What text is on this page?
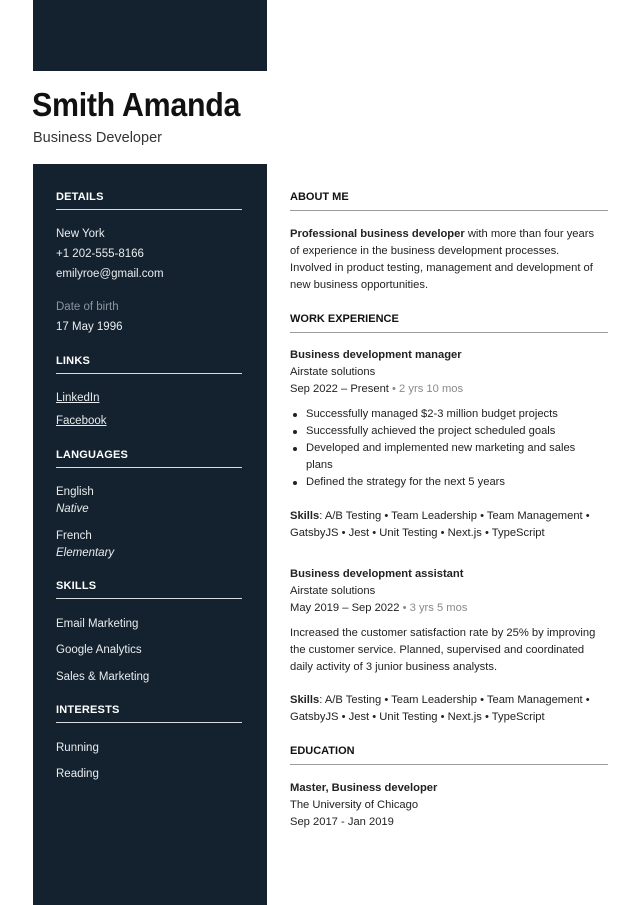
Smith Amanda
Business Developer
DETAILS
New York
+1 202-555-8166
emilyroe@gmail.com
Date of birth
17 May 1996
LINKS
LinkedIn
Facebook
LANGUAGES
English
Native
French
Elementary
SKILLS
Email Marketing
Google Analytics
Sales & Marketing
INTERESTS
Running
Reading
ABOUT ME
Professional business developer with more than four years
of experience in the business development processes.
Involved in product testing, management and development of
new business opportunities.
WORK EXPERIENCE
Business development manager
Airstate solutions
Sep 2022 – Present • 2 yrs 10 mos
Successfully managed $2-3 million budget projects
Successfully achieved the project scheduled goals
Developed and implemented new marketing and sales
plans
Defined the strategy for the next 5 years
Skills: A/B Testing • Team Leadership • Team Management •
GatsbyJS • Jest • Unit Testing • Next.js • TypeScript
Business development assistant
Airstate solutions
May 2019 – Sep 2022 • 3 yrs 5 mos
Increased the customer satisfaction rate by 25% by improving
the customer service. Planned, supervised and coordinated
daily activity of 3 junior business analysts.
Skills: A/B Testing • Team Leadership • Team Management •
GatsbyJS • Jest • Unit Testing • Next.js • TypeScript
EDUCATION
Master, Business developer
The University of Chicago
Sep 2017 - Jan 2019
